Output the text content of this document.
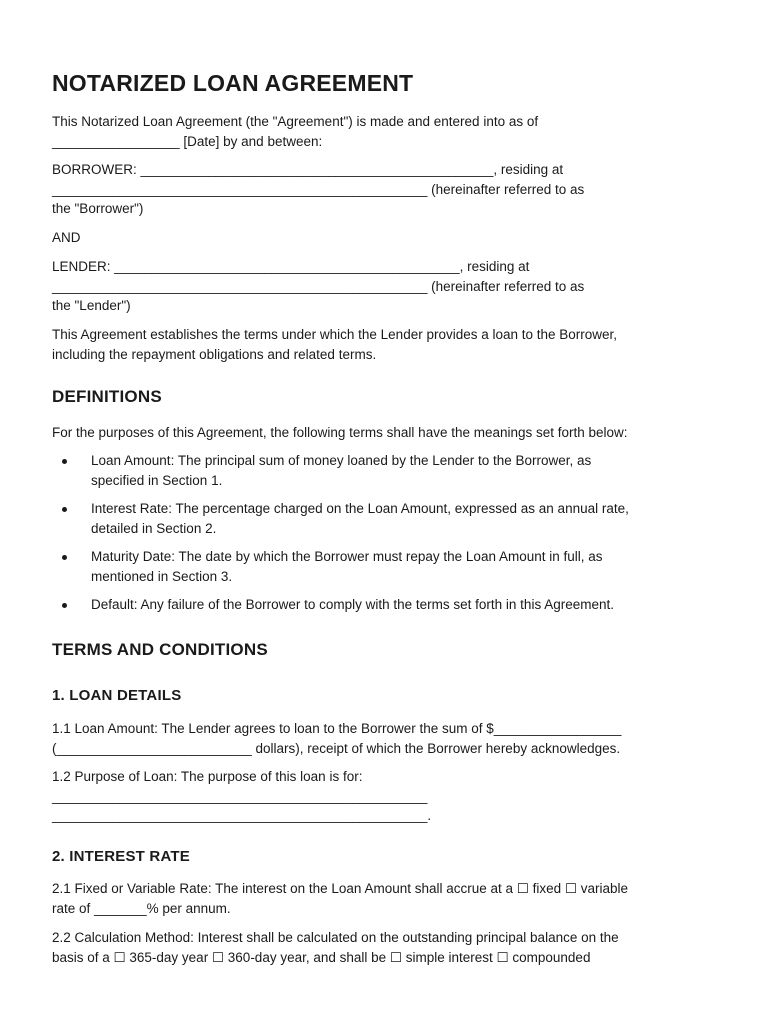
NOTARIZED LOAN AGREEMENT

This Notarized Loan Agreement (the "Agreement") is made and entered into as of
_________________ [Date] by and between:

BORROWER: _______________________________________________, residing at
__________________________________________________ (hereinafter referred to as
the "Borrower")

AND

LENDER: ______________________________________________, residing at
__________________________________________________ (hereinafter referred to as
the "Lender")

This Agreement establishes the terms under which the Lender provides a loan to the Borrower,
including the repayment obligations and related terms.

DEFINITIONS

For the purposes of this Agreement, the following terms shall have the meanings set forth below:

Loan Amount: The principal sum of money loaned by the Lender to the Borrower, as
specified in Section 1.
Interest Rate: The percentage charged on the Loan Amount, expressed as an annual rate,
detailed in Section 2.
Maturity Date: The date by which the Borrower must repay the Loan Amount in full, as
mentioned in Section 3.
Default: Any failure of the Borrower to comply with the terms set forth in this Agreement.
TERMS AND CONDITIONS
1. LOAN DETAILS

1.1 Loan Amount: The Lender agrees to loan to the Borrower the sum of $_________________
(__________________________ dollars), receipt of which the Borrower hereby acknowledges.

1.2 Purpose of Loan: The purpose of this loan is for:
__________________________________________________
__________________________________________________.

2. INTEREST RATE

2.1 Fixed or Variable Rate: The interest on the Loan Amount shall accrue at a ☐ fixed ☐ variable
rate of _______% per annum.

2.2 Calculation Method: Interest shall be calculated on the outstanding principal balance on the
basis of a ☐ 365-day year ☐ 360-day year, and shall be ☐ simple interest ☐ compounded
